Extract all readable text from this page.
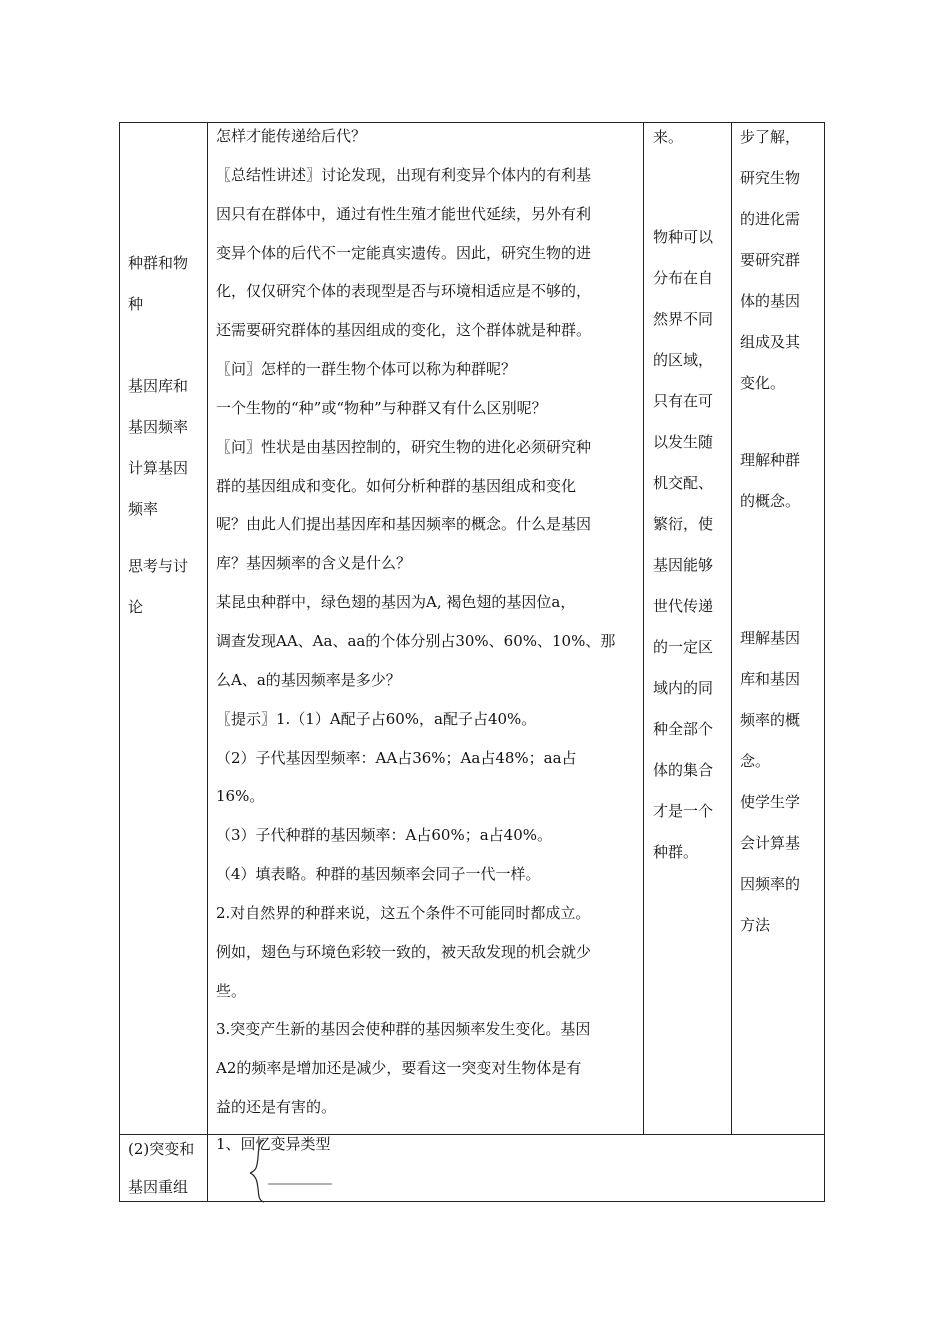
种群和物

种

基因库和

基因频率

计算基因

频率

思考与讨

论

怎样才能传递给后代？

〖总结性讲述〗讨论发现，出现有利变异个体内的有利基

因只有在群体中，通过有性生殖才能世代延续，另外有利

变异个体的后代不一定能真实遗传。因此，研究生物的进

化，仅仅研究个体的表现型是否与环境相适应是不够的，

还需要研究群体的基因组成的变化，这个群体就是种群。

〖问〗怎样的一群生物个体可以称为种群呢？

一个生物的“种”或“物种”与种群又有什么区别呢？

〖问〗性状是由基因控制的，研究生物的进化必须研究种

群的基因组成和变化。如何分析种群的基因组成和变化

呢？由此人们提出基因库和基因频率的概念。什么是基因

库？基因频率的含义是什么？

某昆虫种群中，绿色翅的基因为A, 褐色翅的基因位a，

调查发现AA、Aa、aa的个体分别占30%、60%、10%、那

么A、a的基因频率是多少？

〖提示〗1.（1）A配子占60%，a配子占40%。

（2）子代基因型频率：AA占36%；Aa占48%；aa占

16%。

（3）子代种群的基因频率：A占60%；a占40%。

（4）填表略。种群的基因频率会同子一代一样。

2.对自然界的种群来说，这五个条件不可能同时都成立。

例如，翅色与环境色彩较一致的，被天敌发现的机会就少

些。

3.突变产生新的基因会使种群的基因频率发生变化。基因

A2的频率是增加还是减少，要看这一突变对生物体是有

益的还是有害的。

来。

物种可以

分布在自

然界不同

的区域，

只有在可

以发生随

机交配、

繁衍，使

基因能够

世代传递

的一定区

域内的同

种全部个

体的集合

才是一个

种群。

步了解，

研究生物

的进化需

要研究群

体的基因

组成及其

变化。

理解种群

的概念。

理解基因

库和基因

频率的概

念。

使学生学

会计算基

因频率的

方法

(2)突变和

基因重组

1、回忆变异类型
